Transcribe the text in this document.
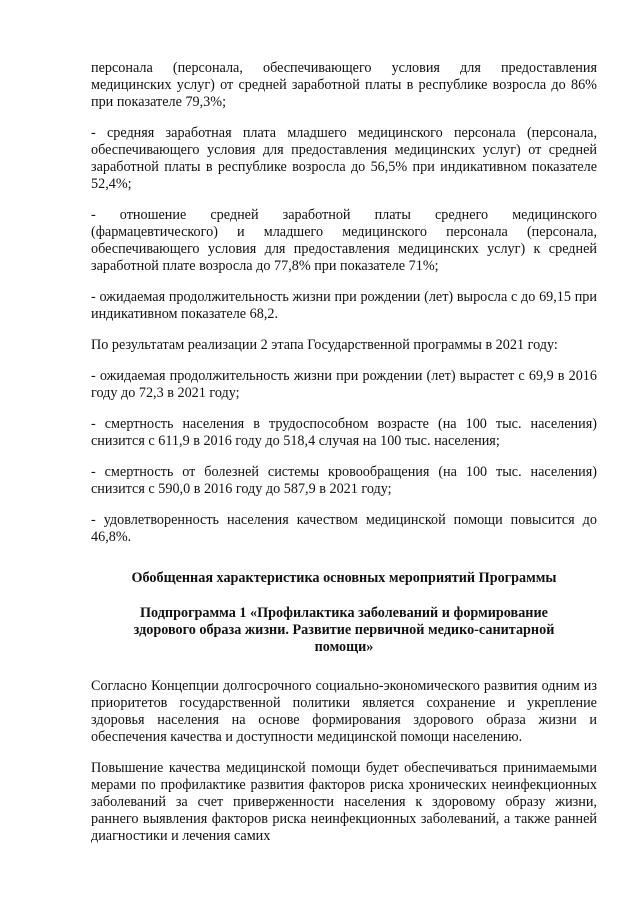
персонала (персонала, обеспечивающего условия для предоставления медицинских услуг) от средней заработной платы в республике возросла до 86% при показателе 79,3%;

- средняя заработная плата младшего медицинского персонала (персонала, обеспечивающего условия для предоставления медицинских услуг) от средней заработной платы в республике возросла до 56,5% при индикативном показателе 52,4%;

- отношение средней заработной платы среднего медицинского (фармацевтического) и младшего медицинского персонала (персонала, обеспечивающего условия для предоставления медицинских услуг) к средней заработной плате возросла до 77,8% при показателе 71%;

- ожидаемая продолжительность жизни при рождении (лет) выросла с до 69,15 при индикативном показателе 68,2.

По результатам реализации 2 этапа Государственной программы в 2021 году:

- ожидаемая продолжительность жизни при рождении (лет) вырастет с 69,9 в 2016 году до 72,3 в 2021 году;

- смертность населения в трудоспособном возрасте (на 100 тыс. населения) снизится с 611,9 в 2016 году до 518,4 случая на 100 тыс. населения;

- смертность от болезней системы кровообращения (на 100 тыс. населения) снизится с 590,0 в 2016 году до 587,9 в 2021 году;

- удовлетворенность населения качеством медицинской помощи повысится до 46,8%.

Обобщенная характеристика основных мероприятий Программы
Подпрограмма 1 «Профилактика заболеваний и формирование здорового образа жизни. Развитие первичной медико-санитарной помощи»

Согласно Концепции долгосрочного социально-экономического развития одним из приоритетов государственной политики является сохранение и укрепление здоровья населения на основе формирования здорового образа жизни и обеспечения качества и доступности медицинской помощи населению.

Повышение качества медицинской помощи будет обеспечиваться принимаемыми мерами по профилактике развития факторов риска хронических неинфекционных заболеваний за счет приверженности населения к здоровому образу жизни, раннего выявления факторов риска неинфекционных заболеваний, а также ранней диагностики и лечения самих
